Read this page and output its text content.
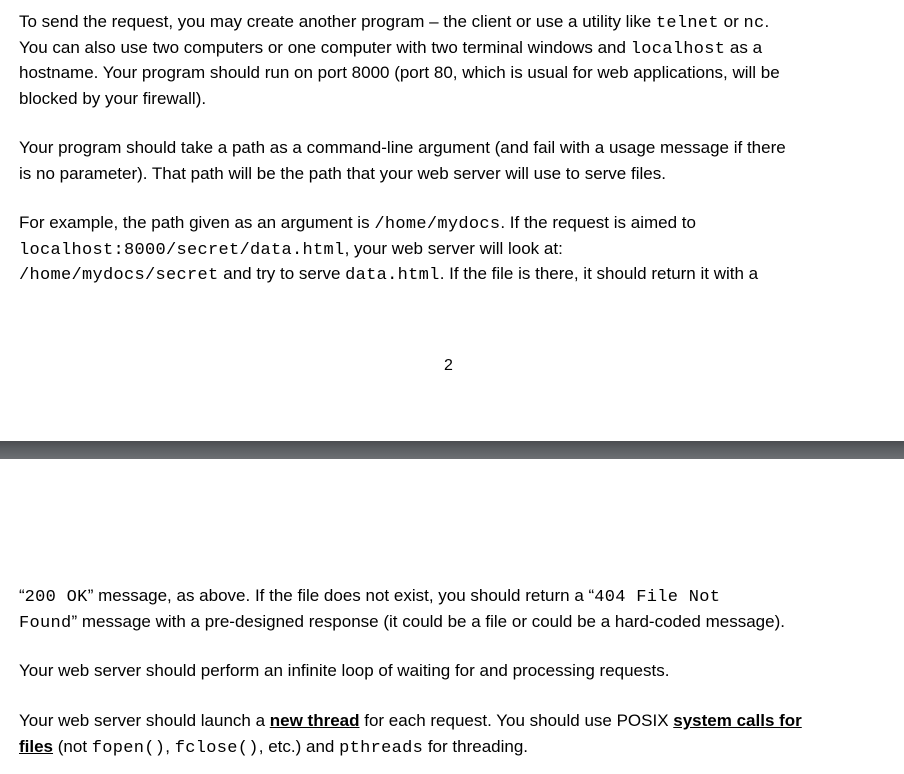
To send the request, you may create another program – the client or use a utility like telnet or nc.
You can also use two computers or one computer with two terminal windows and localhost as a
hostname. Your program should run on port 8000 (port 80, which is usual for web applications, will be
blocked by your firewall).

Your program should take a path as a command-line argument (and fail with a usage message if there
is no parameter). That path will be the path that your web server will use to serve files.

For example, the path given as an argument is /home/mydocs. If the request is aimed to
localhost:8000/secret/data.html, your web server will look at:
/home/mydocs/secret and try to serve data.html. If the file is there, it should return it with a

2

“200 OK” message, as above. If the file does not exist, you should return a “404 File Not
Found” message with a pre-designed response (it could be a file or could be a hard-coded message).

Your web server should perform an infinite loop of waiting for and processing requests.

Your web server should launch a new thread for each request. You should use POSIX system calls for
files (not fopen(), fclose(), etc.) and pthreads for threading.
